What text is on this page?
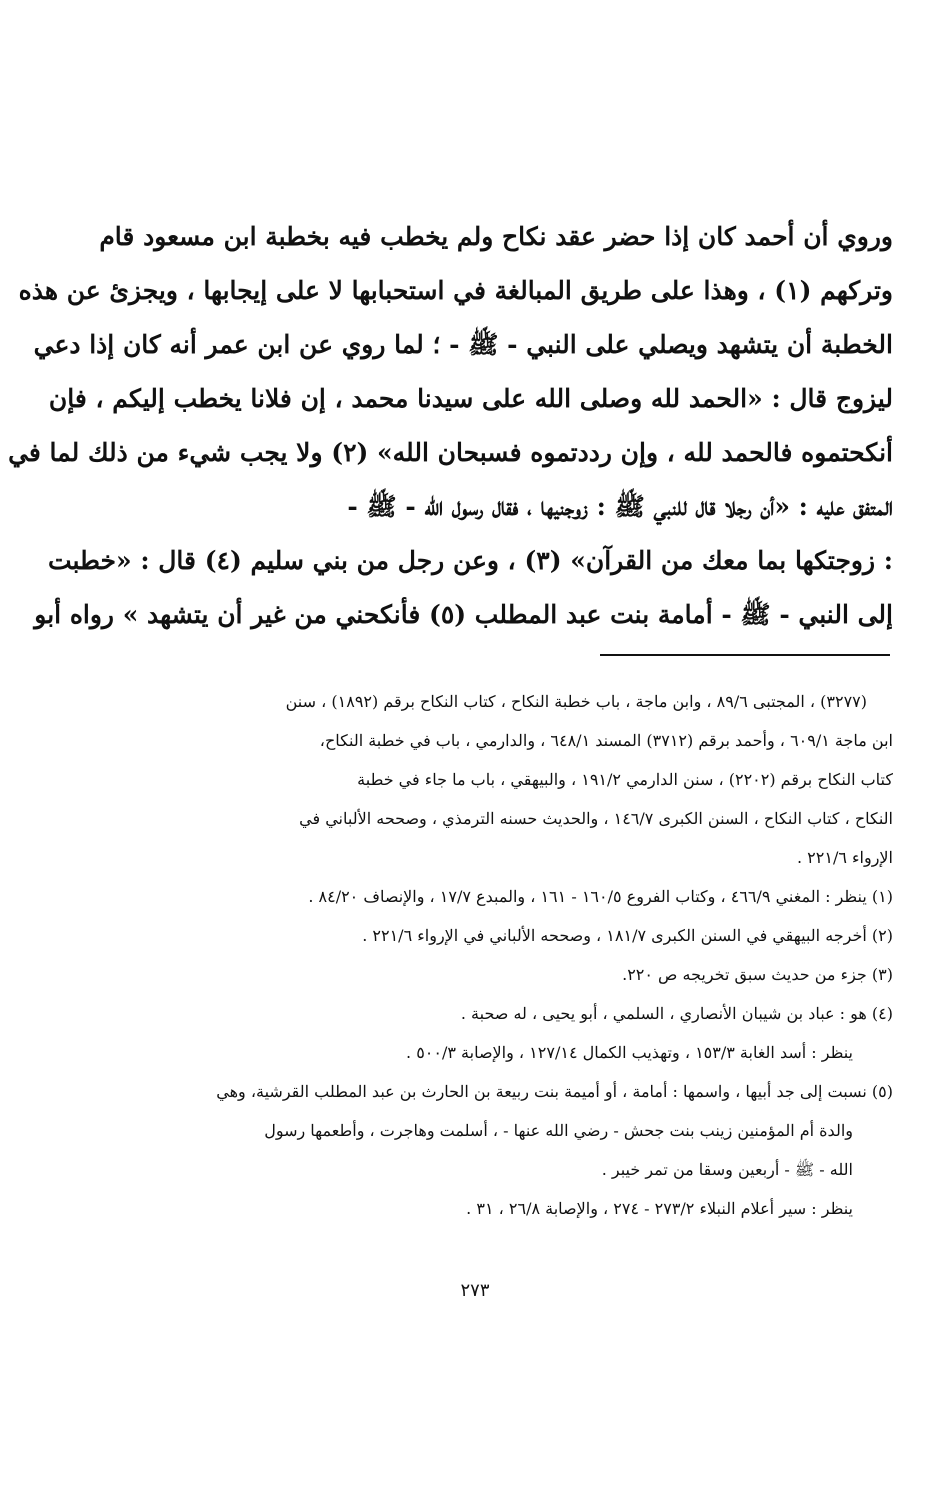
وروي أن أحمد كان إذا حضر عقد نكاح ولم يخطب فيه بخطبة ابن مسعود قام
وتركهم (١) ، وهذا على طريق المبالغة في استحبابها لا على إيجابها ، ويجزئ عن هذه
الخطبة أن يتشهد ويصلي على النبي - ﷺ - ؛ لما روي عن ابن عمر أنه كان إذا دعي
ليزوج قال : «الحمد لله وصلى الله على سيدنا محمد ، إن فلانا يخطب إليكم ، فإن
أنكحتموه فالحمد لله ، وإن رددتموه فسبحان الله» (٢) ولا يجب شيء من ذلك لما في
المتفق عليه : «أن رجلا قال للنبي ﷺ : زوجنيها ، فقال رسول الله - ﷺ -
: زوجتكها بما معك من القرآن» (٣) ، وعن رجل من بني سليم (٤) قال : «خطبت
إلى النبي - ﷺ - أمامة بنت عبد المطلب (٥) فأنكحني من غير أن يتشهد » رواه أبو
(٣٢٧٧) ، المجتبى ٨٩/٦ ، وابن ماجة ، باب خطبة النكاح ، كتاب النكاح برقم (١٨٩٢) ، سنن
ابن ماجة ٦٠٩/١ ، وأحمد برقم (٣٧١٢) المسند ٦٤٨/١ ، والدارمي ، باب في خطبة النكاح،
كتاب النكاح برقم (٢٢٠٢) ، سنن الدارمي ١٩١/٢ ، والبيهقي ، باب ما جاء في خطبة
النكاح ، كتاب النكاح ، السنن الكبرى ١٤٦/٧ ، والحديث حسنه الترمذي ، وصححه الألباني في
الإرواء ٢٢١/٦ .
(١) ينظر : المغني ٤٦٦/٩ ، وكتاب الفروع ١٦٠/٥ - ١٦١ ، والمبدع ١٧/٧ ، والإنصاف ٨٤/٢٠ .
(٢) أخرجه البيهقي في السنن الكبرى ١٨١/٧ ، وصححه الألباني في الإرواء ٢٢١/٦ .
(٣) جزء من حديث سبق تخريجه ص ٢٢٠.
(٤) هو : عباد بن شيبان الأنصاري ، السلمي ، أبو يحيى ، له صحبة .
ينظر : أسد الغابة ١٥٣/٣ ، وتهذيب الكمال ١٢٧/١٤ ، والإصابة ٥٠٠/٣ .
(٥) نسبت إلى جد أبيها ، واسمها : أمامة ، أو أميمة بنت ربيعة بن الحارث بن عبد المطلب القرشية، وهي
والدة أم المؤمنين زينب بنت جحش - رضي الله عنها - ، أسلمت وهاجرت ، وأطعمها رسول
الله - ﷺ - أربعين وسقا من تمر خيبر .
ينظر : سير أعلام النبلاء ٢٧٣/٢ - ٢٧٤ ، والإصابة ٢٦/٨ ، ٣١ .
٢٧٣
